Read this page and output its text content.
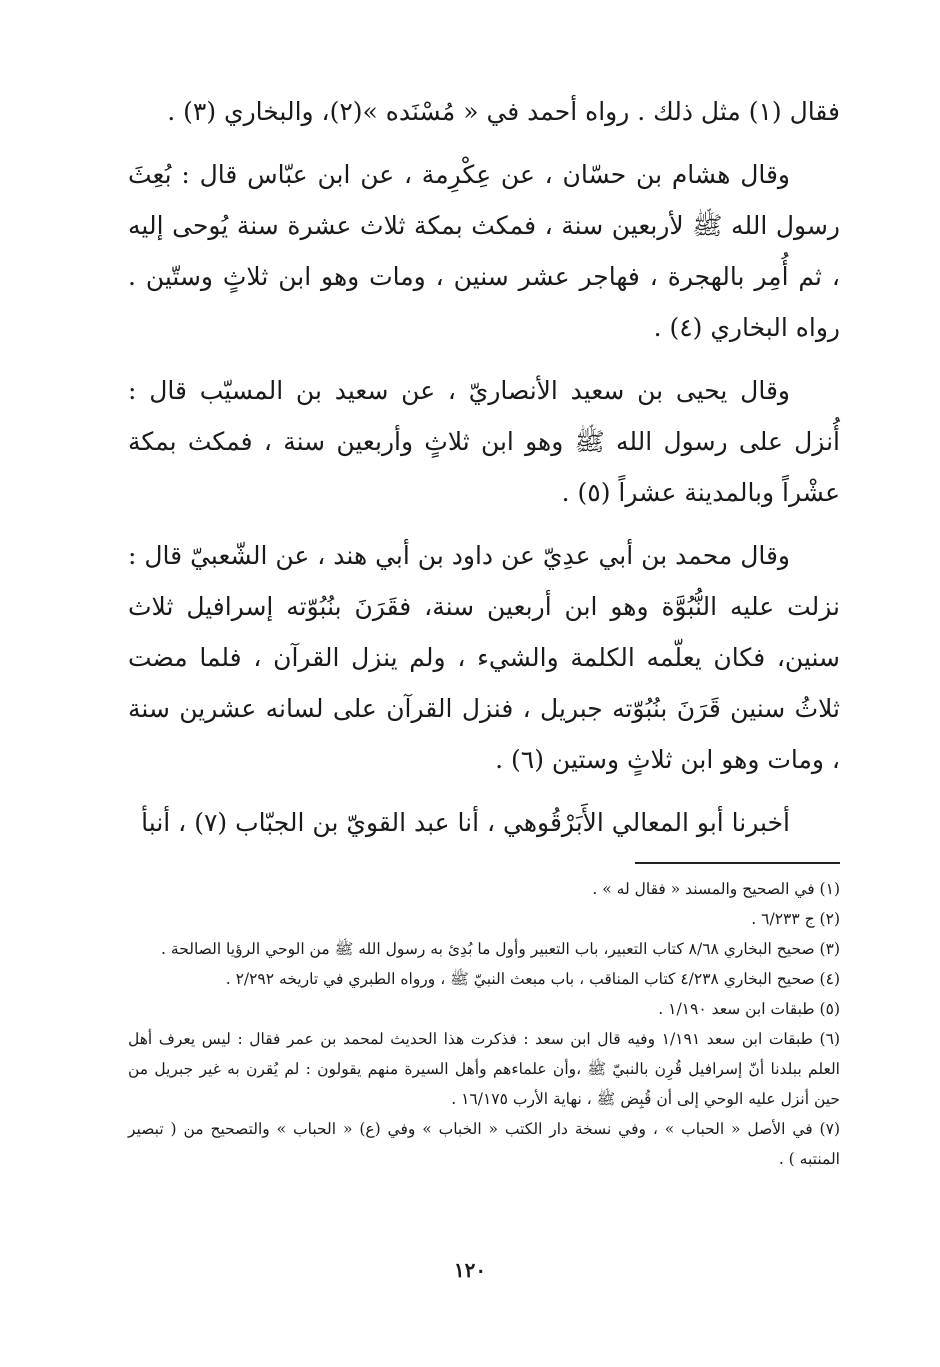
فقال (١) مثل ذلك . رواه أحمد في « مُسْنَده »(٢)، والبخاري (٣) .

وقال هشام بن حسّان ، عن عِكْرِمة ، عن ابن عبّاس قال : بُعِثَ رسول الله ﷺ لأربعين سنة ، فمكث بمكة ثلاث عشرة سنة يُوحى إليه ، ثم أُمِر بالهجرة ، فهاجر عشر سنين ، ومات وهو ابن ثلاثٍ وستّين . رواه البخاري (٤) .

وقال يحيى بن سعيد الأنصاريّ ، عن سعيد بن المسيّب قال : أُنزل على رسول الله ﷺ وهو ابن ثلاثٍ وأربعين سنة ، فمكث بمكة عشْراً وبالمدينة عشراً (٥) .

وقال محمد بن أبي عدِيّ عن داود بن أبي هند ، عن الشّعبيّ قال : نزلت عليه النُّبُوَّة وهو ابن أربعين سنة، فقَرَنَ بنُبُوّته إسرافيل ثلاث سنين، فكان يعلّمه الكلمة والشيء ، ولم ينزل القرآن ، فلما مضت ثلاثُ سنين قَرَنَ بنُبُوّته جبريل ، فنزل القرآن على لسانه عشرين سنة ، ومات وهو ابن ثلاثٍ وستين (٦) .

أخبرنا أبو المعالي الأَبَرْقُوهي ، أنا عبد القويّ بن الجبّاب (٧) ، أنبأ

(١) في الصحيح والمسند « فقال له » .

(٢) ج ٦/٢٣٣ .

(٣) صحيح البخاري ٨/٦٨ كتاب التعبير، باب التعبير وأول ما بُدِئ به رسول الله ﷺ من الوحي الرؤيا الصالحة .

(٤) صحيح البخاري ٤/٢٣٨ كتاب المناقب ، باب مبعث النبيّ ﷺ ، ورواه الطبري في تاريخه ٢/٢٩٢ .

(٥) طبقات ابن سعد ١/١٩٠ .

(٦) طبقات ابن سعد ١/١٩١ وفيه قال ابن سعد : فذكرت هذا الحديث لمحمد بن عمر فقال : ليس يعرف أهل العلم ببلدنا أنّ إسرافيل قُرِن بالنبيّ ﷺ ،وأن علماءهم وأهل السيرة منهم يقولون : لم يُقرن به غير جبريل من حين أنزل عليه الوحي إلى أن قُبِض ﷺ ، نهاية الأرب ١٦/١٧٥ .

(٧) في الأصل « الحباب » ، وفي نسخة دار الكتب « الخباب » وفي (ع) « الحباب » والتصحيح من ( تبصير المنتبه ) .

١٢٠
